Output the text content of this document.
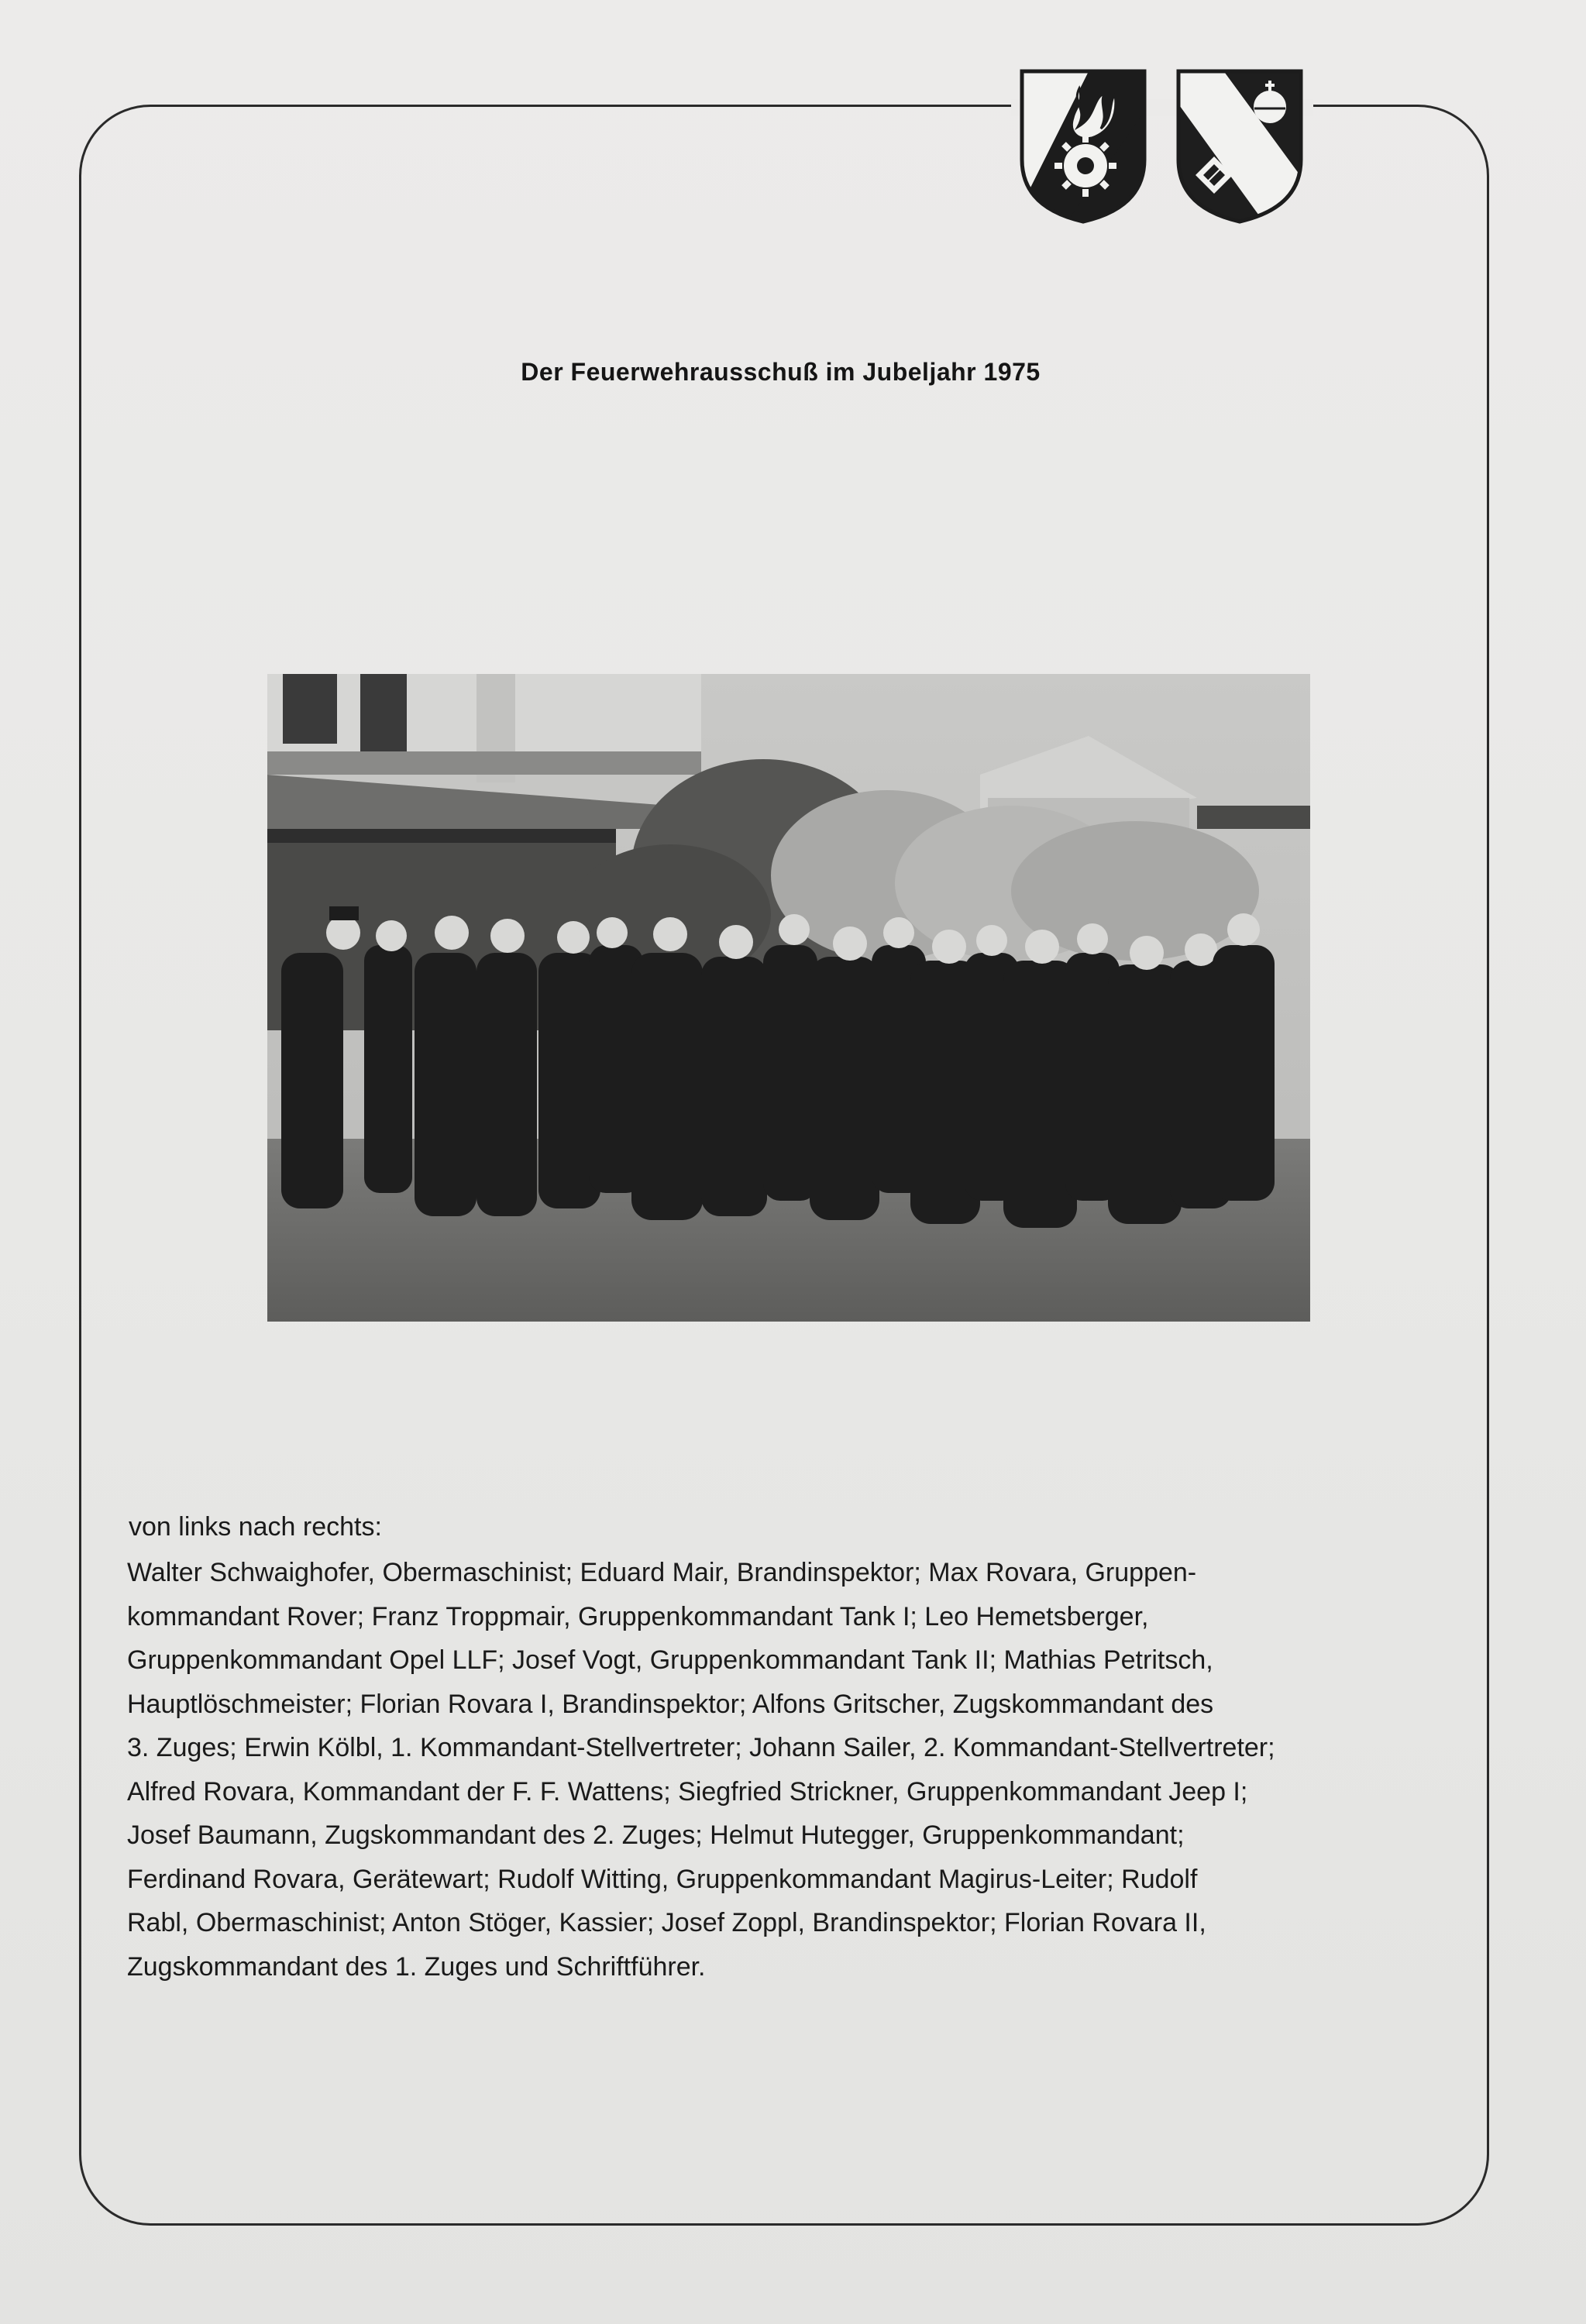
Der Feuerwehrausschuß im Jubeljahr 1975
von links nach rechts:
Walter Schwaighofer, Obermaschinist; Eduard Mair, Brandinspektor; Max Rovara, Gruppen-
kommandant Rover; Franz Troppmair, Gruppenkommandant Tank I; Leo Hemetsberger,
Gruppenkommandant Opel LLF; Josef Vogt, Gruppenkommandant Tank II; Mathias Petritsch,
Hauptlöschmeister; Florian Rovara I, Brandinspektor; Alfons Gritscher, Zugskommandant des
3. Zuges; Erwin Kölbl, 1. Kommandant-Stellvertreter; Johann Sailer, 2. Kommandant-Stellvertreter;
Alfred Rovara, Kommandant der F. F. Wattens; Siegfried Strickner, Gruppenkommandant Jeep I;
Josef Baumann, Zugskommandant des 2. Zuges; Helmut Hutegger, Gruppenkommandant;
Ferdinand Rovara, Gerätewart; Rudolf Witting, Gruppenkommandant Magirus-Leiter; Rudolf
Rabl, Obermaschinist; Anton Stöger, Kassier; Josef Zoppl, Brandinspektor; Florian Rovara II,
Zugskommandant des 1. Zuges und Schriftführer.
